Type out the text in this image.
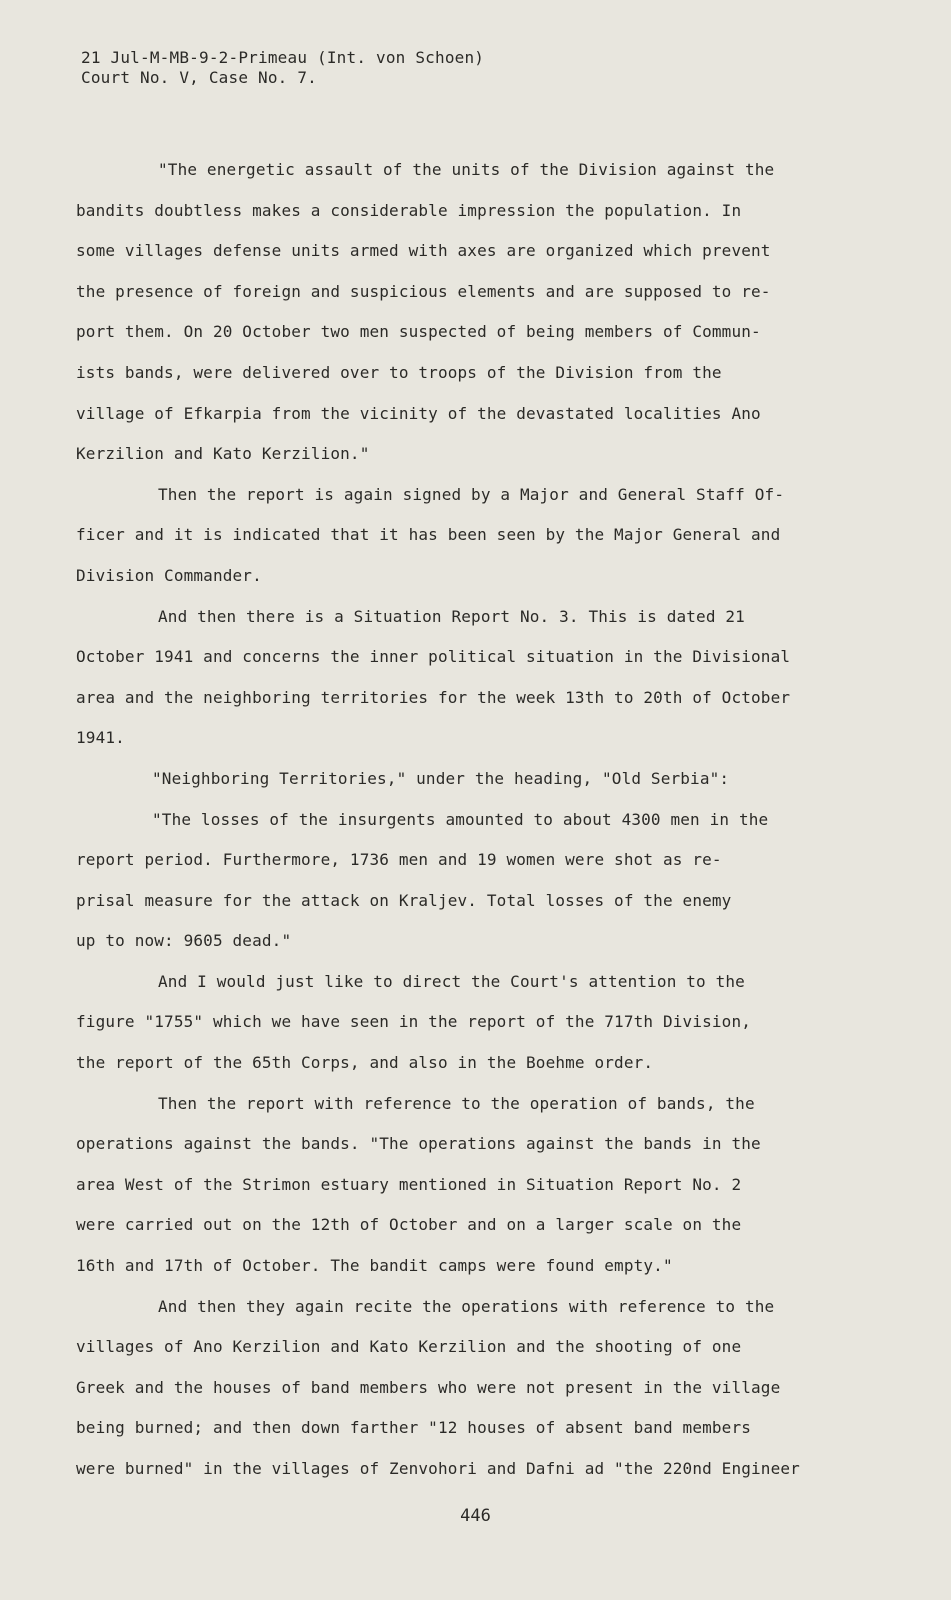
21 Jul-M-MB-9-2-Primeau (Int. von Schoen)
Court No. V, Case No. 7.
"The energetic assault of the units of the Division against the
bandits doubtless makes a considerable impression the population. In
some villages defense units armed with axes are organized which prevent
the presence of foreign and suspicious elements and are supposed to re-
port them. On 20 October two men suspected of being members of Commun-
ists bands, were delivered over to troops of the Division from the
village of Efkarpia from the vicinity of the devastated localities Ano
Kerzilion and Kato Kerzilion."
Then the report is again signed by a Major and General Staff Of-
ficer and it is indicated that it has been seen by the Major General and
Division Commander.
And then there is a Situation Report No. 3. This is dated 21
October 1941 and concerns the inner political situation in the Divisional
area and the neighboring territories for the week 13th to 20th of October
1941.
"Neighboring Territories," under the heading, "Old Serbia":
"The losses of the insurgents amounted to about 4300 men in the
report period. Furthermore, 1736 men and 19 women were shot as re-
prisal measure for the attack on Kraljev. Total losses of the enemy
up to now: 9605 dead."
And I would just like to direct the Court's attention to the
figure "1755" which we have seen in the report of the 717th Division,
the report of the 65th Corps, and also in the Boehme order.
Then the report with reference to the operation of bands, the
operations against the bands. "The operations against the bands in the
area West of the Strimon estuary mentioned in Situation Report No. 2
were carried out on the 12th of October and on a larger scale on the
16th and 17th of October. The bandit camps were found empty."
And then they again recite the operations with reference to the
villages of Ano Kerzilion and Kato Kerzilion and the shooting of one
Greek and the houses of band members who were not present in the village
being burned; and then down farther "12 houses of absent band members
were burned" in the villages of Zenvohori and Dafni ad "the 220nd Engineer
446
